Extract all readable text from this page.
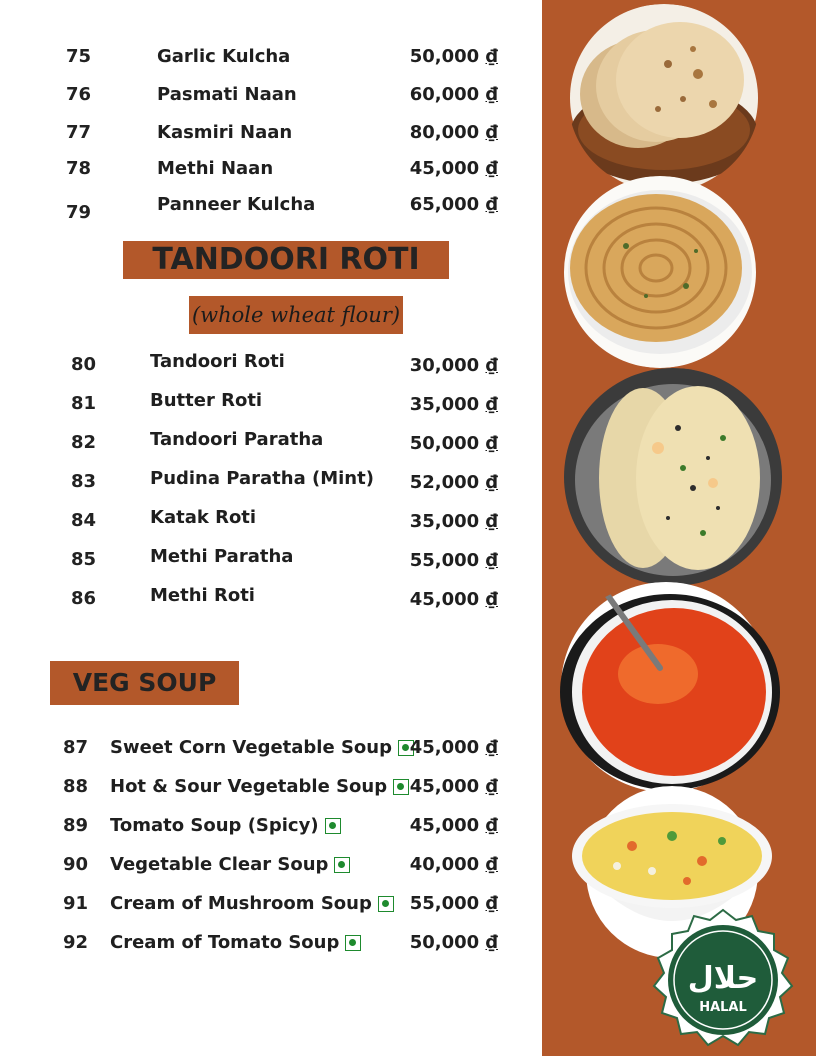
حلال
HALAL
75	Garlic Kulcha	50,000 ₫
76	Pasmati Naan	60,000 ₫
77	Kasmiri Naan	80,000 ₫
78	Methi Naan	45,000 ₫
79	Panneer Kulcha	65,000 ₫
TANDOORI ROTI
(whole wheat flour)
80	Tandoori Roti	30,000 ₫
81	Butter Roti	35,000 ₫
82	Tandoori Paratha	50,000 ₫
83	Pudina Paratha (Mint) 52,000 ₫
84	Katak Roti	35,000 ₫
85	Methi Paratha	55,000 ₫
86	Methi Roti	45,000 ₫
VEG SOUP
87 Sweet Corn Vegetable Soup 45,000 ₫
88 Hot & Sour Vegetable Soup	45,000 ₫
89 Tomato Soup (Spicy)	45,000 ₫
90 Vegetable Clear Soup	40,000 ₫
91 Cream of Mushroom Soup	55,000 ₫
92 Cream of Tomato Soup	50,000 ₫
